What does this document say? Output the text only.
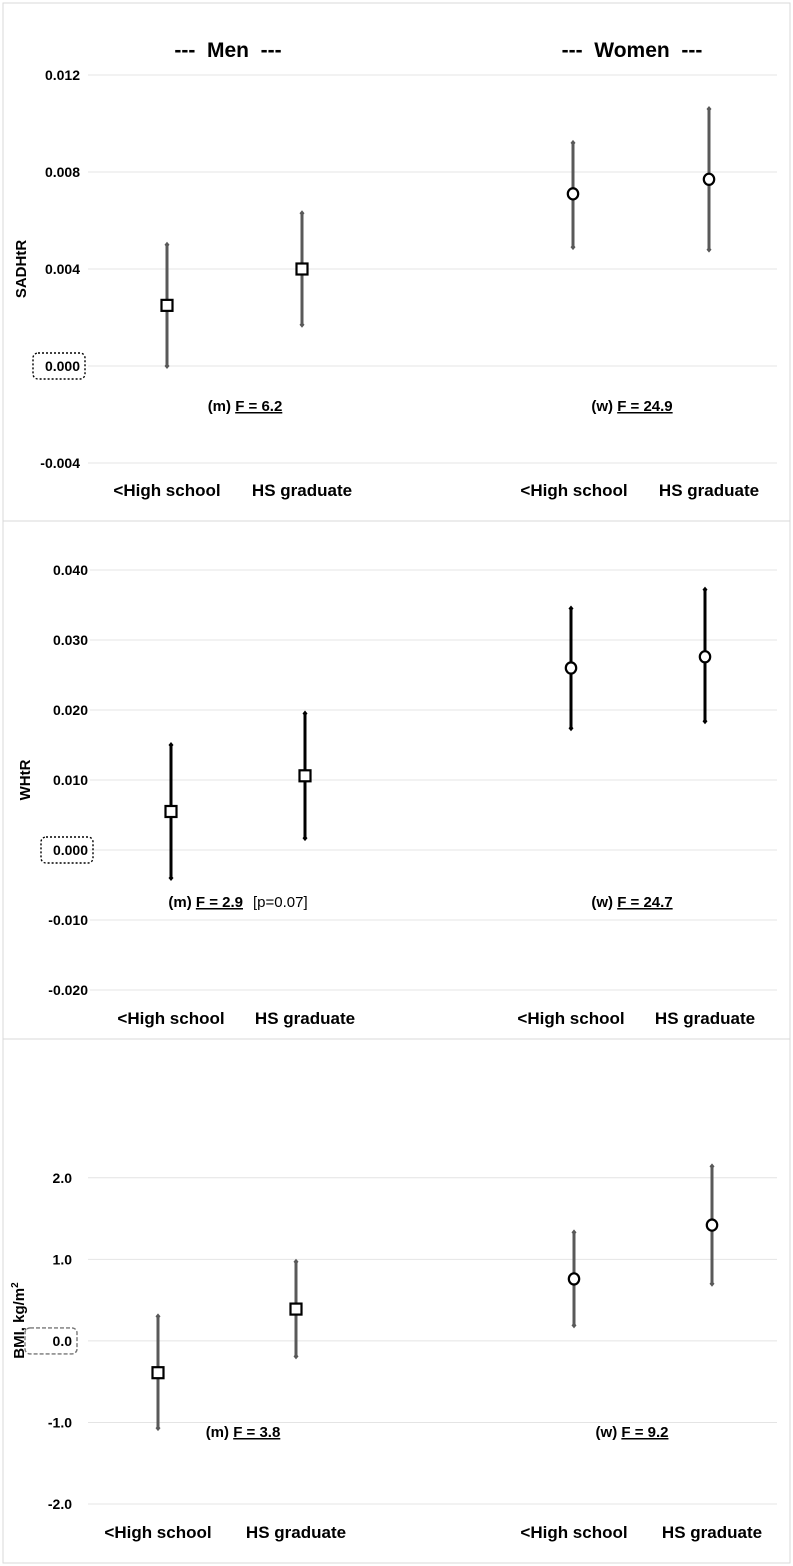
---  Men  ---	---  Women  ---
0.012
0.008
0.004
0.000
-0.004
SADHtR
<High school HS graduate	<High school HS graduate
(m) F = 6.2	(w) F = 24.9
0.040
0.030
0.020
0.010
0.000
-0.010
-0.020
WHtR
<High school HS graduate	<High school HS graduate
(m) F = 2.9 [p=0.07]	(w) F = 24.7
2.0
1.0
0.0
-1.0
-2.0
BMI, $kg/m^2$
<High school HS graduate	<High school HS graduate
(m) F = 3.8	(w) F = 9.2
